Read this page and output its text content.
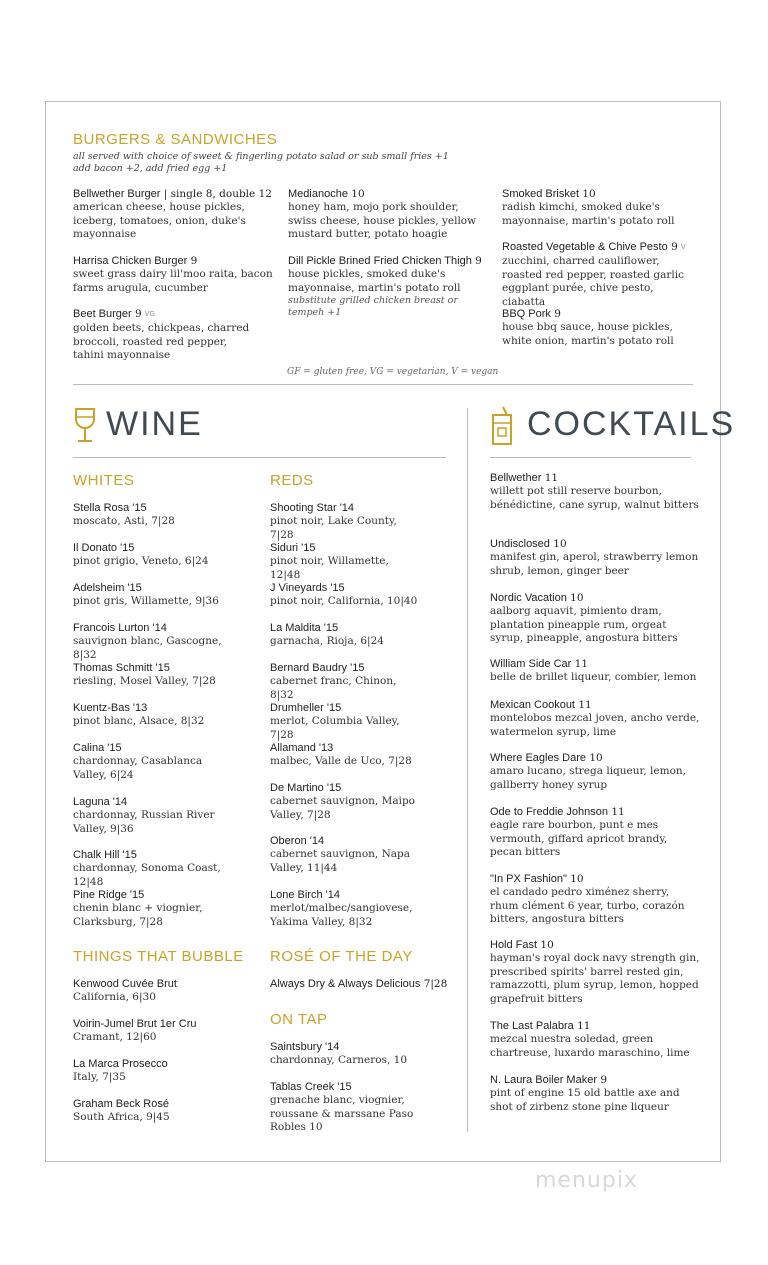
BURGERS & SANDWICHES
all served with choice of sweet & fingerling potato salad or sub small fries +1
add bacon +2, add fried egg +1
Bellwether Burger | single 8, double 12
american cheese, house pickles, iceberg, tomatoes, onion, duke's mayonnaise
Harrisa Chicken Burger 9
sweet grass dairy lil'moo raita, bacon farms arugula, cucumber
Beet Burger 9 VG
golden beets, chickpeas, charred broccoli, roasted red pepper, tahini mayonnaise
Medianoche 10
honey ham, mojo pork shoulder, swiss cheese, house pickles, yellow mustard butter, potato hoagie
Dill Pickle Brined Fried Chicken Thigh 9
house pickles, smoked duke's mayonnaise, martin's potato roll
substitute grilled chicken breast or tempeh +1
Smoked Brisket 10
radish kimchi, smoked duke's mayonnaise, martin's potato roll
Roasted Vegetable & Chive Pesto 9 V
zucchini, charred cauliflower, roasted red pepper, roasted garlic eggplant purée, chive pesto, ciabatta
BBQ Pork 9
house bbq sauce, house pickles, white onion, martin's potato roll
GF = gluten free, VG = vegetarian, V = vegan
WINE	COCKTAILS
WHITES
Stella Rosa '15
moscato, Asti, 7|28
Il Donato '15
pinot grigio, Veneto, 6|24
Adelsheim '15
pinot gris, Willamette, 9|36
Francois Lurton '14
sauvignon blanc, Gascogne, 8|32
Thomas Schmitt '15
riesling, Mosel Valley, 7|28
Kuentz-Bas '13
pinot blanc, Alsace, 8|32
Calina '15
chardonnay, Casablanca Valley, 6|24
Laguna '14
chardonnay, Russian River Valley, 9|36
Chalk Hill '15
chardonnay, Sonoma Coast, 12|48
Pine Ridge '15
chenin blanc + viognier, Clarksburg, 7|28
THINGS THAT BUBBLE
Kenwood Cuvée Brut
California, 6|30
Voirin-Jumel Brut 1er Cru
Cramant, 12|60
La Marca Prosecco
Italy, 7|35
Graham Beck Rosé
South Africa, 9|45
REDS
Shooting Star '14
pinot noir, Lake County, 7|28
Siduri '15
pinot noir, Willamette, 12|48
J Vineyards '15
pinot noir, California, 10|40
La Maldita '15
garnacha, Rioja, 6|24
Bernard Baudry '15
cabernet franc, Chinon, 8|32
Drumheller '15
merlot, Columbia Valley, 7|28
Allamand '13
malbec, Valle de Uco, 7|28
De Martino '15
cabernet sauvignon, Maipo Valley, 7|28
Oberon '14
cabernet sauvignon, Napa Valley, 11|44
Lone Birch '14
merlot/malbec/sangiovese, Yakima Valley, 8|32
ROSÉ OF THE DAY
Always Dry & Always Delicious 7|28
ON TAP
Saintsbury '14
chardonnay, Carneros, 10
Tablas Creek '15
grenache blanc, viognier, roussane & marssane Paso Robles 10
Bellwether 11
willett pot still reserve bourbon, bénédictine, cane syrup, walnut bitters
Undisclosed 10
manifest gin, aperol, strawberry lemon shrub, lemon, ginger beer
Nordic Vacation 10
aalborg aquavit, pimiento dram, plantation pineapple rum, orgeat syrup, pineapple, angostura bitters
William Side Car 11
belle de brillet liqueur, combier, lemon
Mexican Cookout 11
montelobos mezcal joven, ancho verde, watermelon syrup, lime
Where Eagles Dare 10
amaro lucano, strega liqueur, lemon, gallberry honey syrup
Ode to Freddie Johnson 11
eagle rare bourbon, punt e mes vermouth, giffard apricot brandy, pecan bitters
"In PX Fashion" 10
el candado pedro ximénez sherry, rhum clément 6 year, turbo, corazón bitters, angostura bitters
Hold Fast 10
hayman's royal dock navy strength gin, prescribed spirits' barrel rested gin, ramazzotti, plum syrup, lemon, hopped grapefruit bitters
The Last Palabra 11
mezcal nuestra soledad, green chartreuse, luxardo maraschino, lime
N. Laura Boiler Maker 9
pint of engine 15 old battle axe and shot of zirbenz stone pine liqueur
menupix
